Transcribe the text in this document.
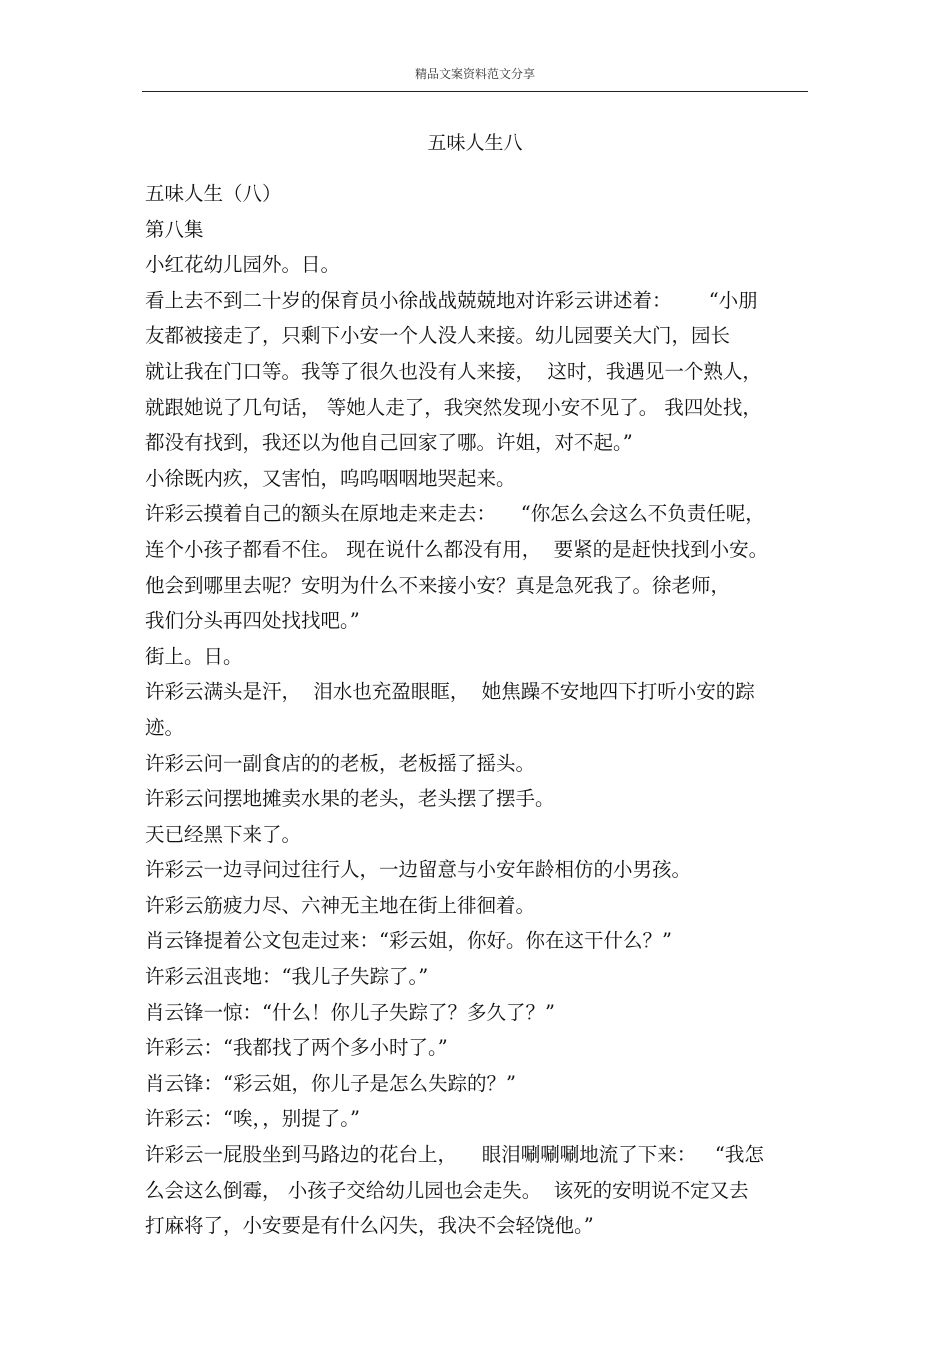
精品文案资料范文分享
五味人生八
五味人生（八）
第八集
小红花幼儿园外。日。
看上去不到二十岁的保育员小徐战战兢兢地对许彩云讲述着：      “小朋
友都被接走了，只剩下小安一个人没人来接。幼儿园要关大门，园长
就让我在门口等。我等了很久也没有人来接，  这时，我遇见一个熟人，
就跟她说了几句话， 等她人走了，我突然发现小安不见了。 我四处找，
都没有找到，我还以为他自己回家了哪。许姐，对不起。”
小徐既内疚，又害怕，呜呜咽咽地哭起来。
许彩云摸着自己的额头在原地走来走去：    “你怎么会这么不负责任呢，
连个小孩子都看不住。 现在说什么都没有用，  要紧的是赶快找到小安。
他会到哪里去呢？安明为什么不来接小安？真是急死我了。徐老师，
我们分头再四处找找吧。”
街上。日。
许彩云满头是汗，  泪水也充盈眼眶，  她焦躁不安地四下打听小安的踪
迹。
许彩云问一副食店的的老板，老板摇了摇头。
许彩云问摆地摊卖水果的老头，老头摆了摆手。
天已经黑下来了。
许彩云一边寻问过往行人，一边留意与小安年龄相仿的小男孩。
许彩云筋疲力尽、六神无主地在街上徘徊着。
肖云锋提着公文包走过来：“彩云姐，你好。你在这干什么？”
许彩云沮丧地：“我儿子失踪了。”
肖云锋一惊：“什么！你儿子失踪了？多久了？”
许彩云：“我都找了两个多小时了。”
肖云锋：“彩云姐，你儿子是怎么失踪的？”
许彩云：“唉，，别提了。”
许彩云一屁股坐到马路边的花台上，    眼泪唰唰唰地流了下来：   “我怎
么会这么倒霉， 小孩子交给幼儿园也会走失。  该死的安明说不定又去
打麻将了，小安要是有什么闪失，我决不会轻饶他。”
